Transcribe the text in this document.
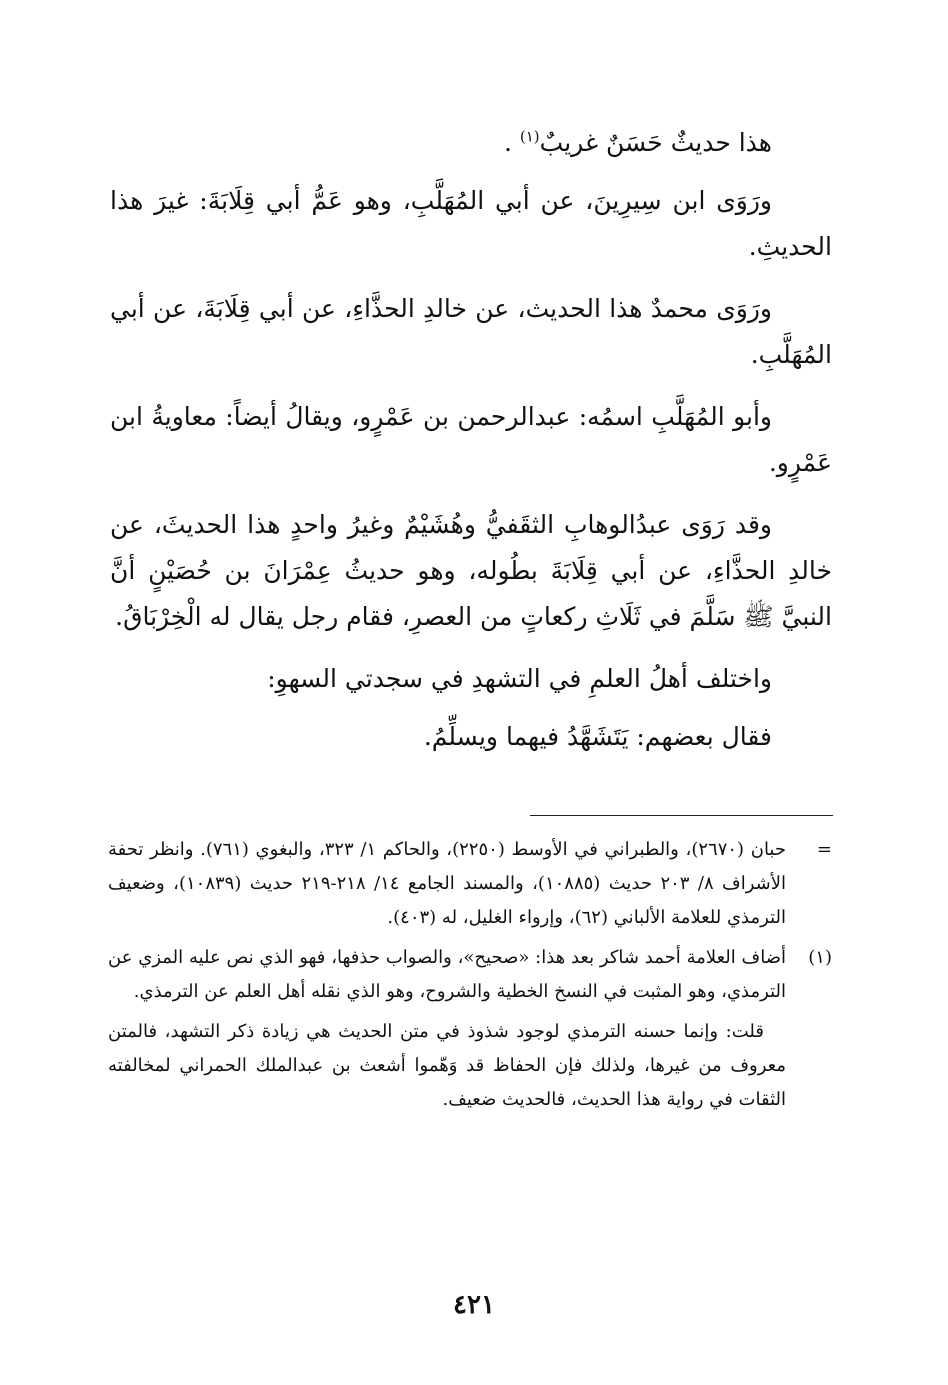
هذا حديثٌ حَسَنٌ غريبٌ$^{(١)}$ .

ورَوَى ابن سِيرِينَ، عن أبي المُهَلَّبِ، وهو عَمُّ أبي قِلَابَةَ: غيرَ هذا الحديثِ.

ورَوَى محمدٌ هذا الحديث، عن خالدِ الحذَّاءِ، عن أبي قِلَابَةَ، عن أبي المُهَلَّبِ.

وأبو المُهَلَّبِ اسمُه: عبدالرحمن بن عَمْرٍو، ويقالُ أيضاً: معاويةُ ابن عَمْرٍو.

وقد رَوَى عبدُالوهابِ الثقَفيُّ وهُشَيْمٌ وغيرُ واحدٍ هذا الحديثَ، عن خالدِ الحذَّاءِ، عن أبي قِلَابَةَ بطُوله، وهو حديثُ عِمْرَانَ بن حُصَيْنٍ أنَّ النبيَّ ﷺ سَلَّمَ في ثَلَاثِ ركعاتٍ من العصرِ، فقام رجل يقال له الْخِرْبَاقُ.

واختلف أهلُ العلمِ في التشهدِ في سجدتي السهوِ:

فقال بعضهم: يَتَشَهَّدُ فيهما ويسلِّمُ.

=
حبان (٢٦٧٠)، والطبراني في الأوسط (٢٢٥٠)، والحاكم ١/ ٣٢٣، والبغوي (٧٦١). وانظر تحفة الأشراف ٨/ ٢٠٣ حديث (١٠٨٨٥)، والمسند الجامع ١٤/ ٢١٨-٢١٩ حديث (١٠٨٣٩)، وضعيف الترمذي للعلامة الألباني (٦٢)، وإرواء الغليل، له (٤٠٣).
(١)
أضاف العلامة أحمد شاكر بعد هذا: «صحيح»، والصواب حذفها، فهو الذي نص عليه المزي عن الترمذي، وهو المثبت في النسخ الخطية والشروح، وهو الذي نقله أهل العلم عن الترمذي.

قلت: وإنما حسنه الترمذي لوجود شذوذ في متن الحديث هي زيادة ذكر التشهد، فالمتن معروف من غيرها، ولذلك فإن الحفاظ قد وَهّموا أشعث بن عبدالملك الحمراني لمخالفته الثقات في رواية هذا الحديث، فالحديث ضعيف.

٤٢١
